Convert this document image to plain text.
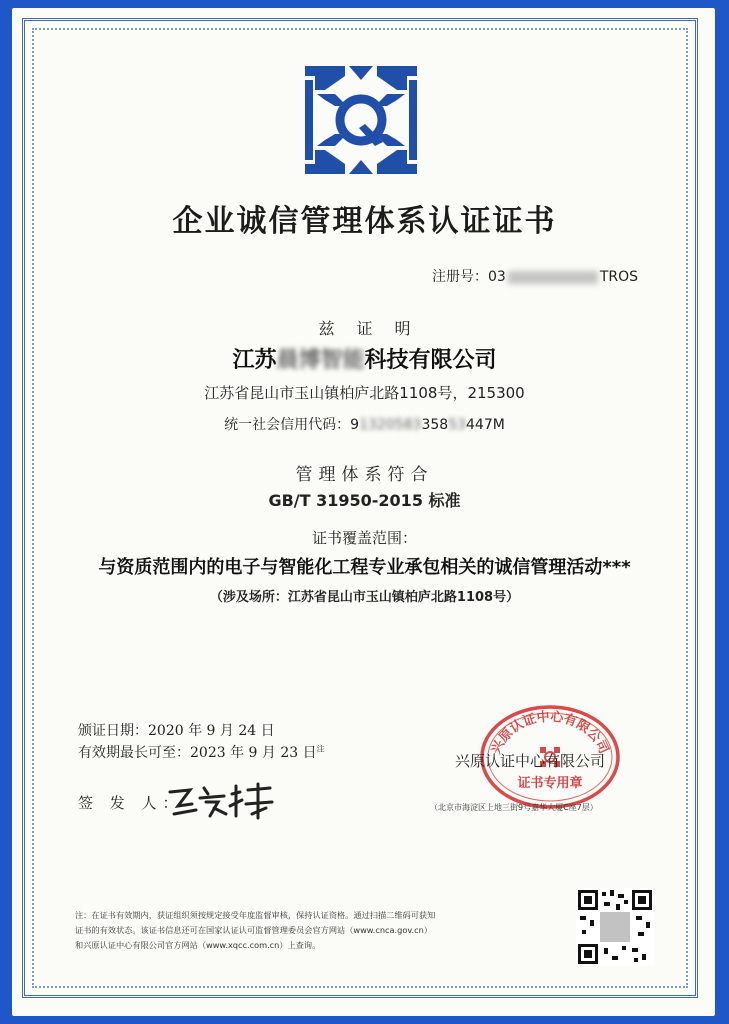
企业诚信管理体系认证证书
注册号：03	TROS
兹证明
江苏晨博智能科技有限公司
江苏省昆山市玉山镇柏庐北路1108号，215300
统一社会信用代码：9132058335853447M
管理体系符合
GB/T 31950-2015 标准
证书覆盖范围：
与资质范围内的电子与智能化工程专业承包相关的诚信管理活动***
（涉及场所：江苏省昆山市玉山镇柏庐北路1108号）
颁证日期：2020 年 9 月 24 日
有效期最长可至：2023 年 9 月 23 日$^注$
签 发 人：
兴原认证中心有限公司
证书专用章
兴原认证中心有限公司
（北京市海淀区上地三街9号嘉华大厦C座7层）
注：在证书有效期内，获证组织须按规定接受年度监督审核，保持认证资格。通过扫描二维码可获知
证书的有效状态。该证书信息还可在国家认证认可监督管理委员会官方网站（www.cnca.gov.cn）
和兴原认证中心有限公司官方网站（www.xqcc.com.cn）上查询。
